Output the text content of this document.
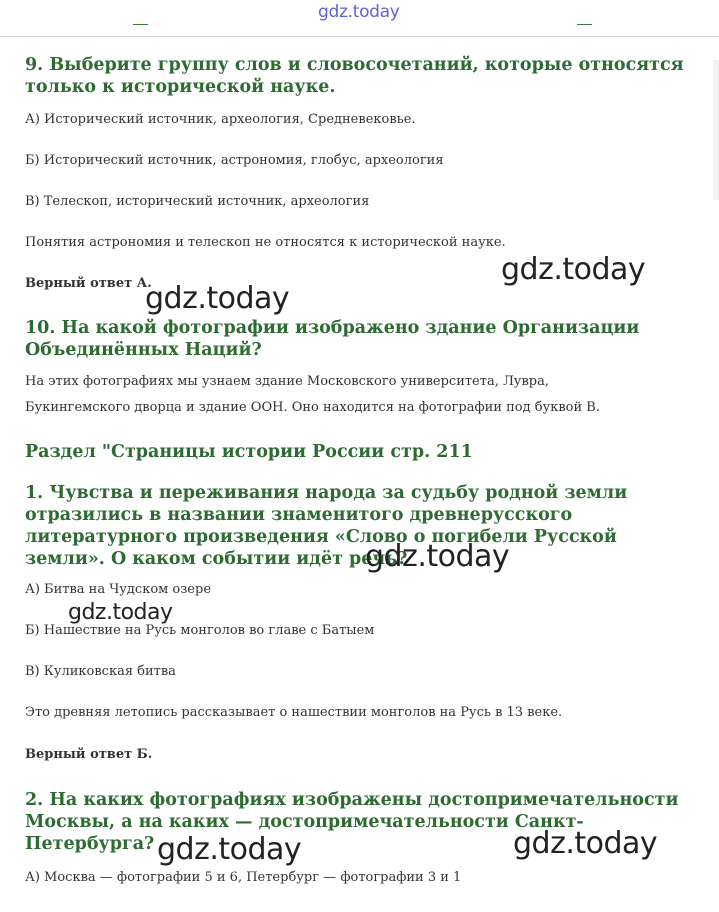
gdz.today
9. Выберите группу слов и словосочетаний, которые относятся только к исторической науке.

А) Исторический источник, археология, Средневековье.

Б) Исторический источник, астрономия, глобус, археология

В) Телескоп, исторический источник, археология

Понятия астрономия и телескоп не относятся к исторической науке.

Верный ответ А.

10. На какой фотографии изображено здание Организации Объединённых Наций?

На этих фотографиях мы узнаем здание Московского университета, Лувра,

Букингемского дворца и здание ООН. Оно находится на фотографии под буквой В.

Раздел "Страницы истории России стр. 211
1. Чувства и переживания народа за судьбу родной земли отразились в названии знаменитого древнерусского литературного произведения «Слово о погибели Русской земли». О каком событии идёт речь?

А) Битва на Чудском озере

Б) Нашествие на Русь монголов во главе с Батыем

В) Куликовская битва

Это древняя летопись рассказывает о нашествии монголов на Русь в 13 веке.

Верный ответ Б.

2. На каких фотографиях изображены достопримечательности Москвы, а на каких — достопримечательности Санкт-Петербурга?

А) Москва — фотографии 5 и 6, Петербург — фотографии 3 и 1

gdz.today
gdz.today
gdz.today
gdz.today
gdz.today	gdz.today
